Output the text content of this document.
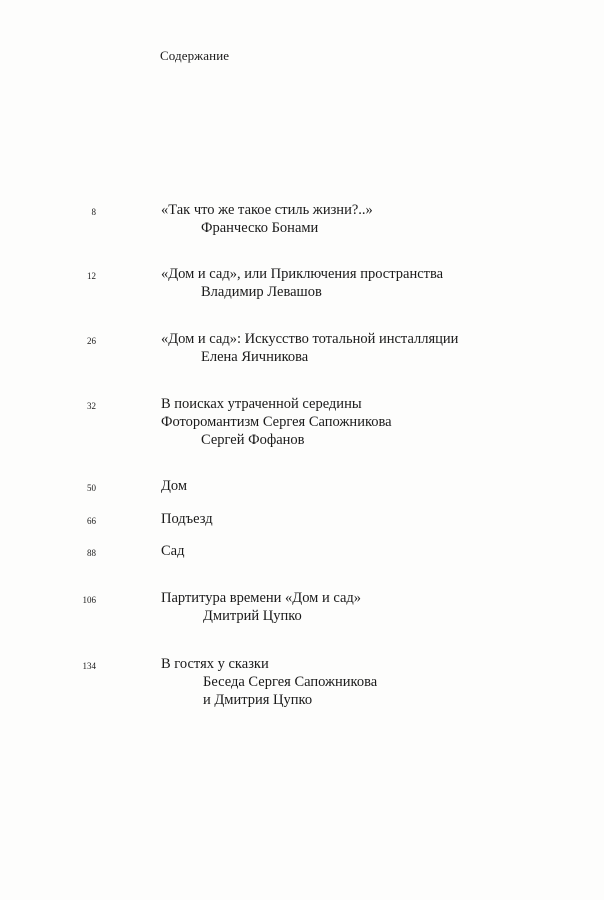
Содержание
8	«Так что же такое стиль жизни?..»
Франческо Бонами
12	«Дом и сад», или Приключения пространства
Владимир Левашов
26	«Дом и сад»: Искусство тотальной инсталляции
Елена Яичникова
32	В поисках утраченной середины
Фоторомантизм Сергея Сапожникова
Сергей Фофанов
50	Дом
66	Подъезд
88	Сад
106	Партитура времени «Дом и сад»
Дмитрий Цупко
134	В гостях у сказки
Беседа Сергея Сапожникова
и Дмитрия Цупко
